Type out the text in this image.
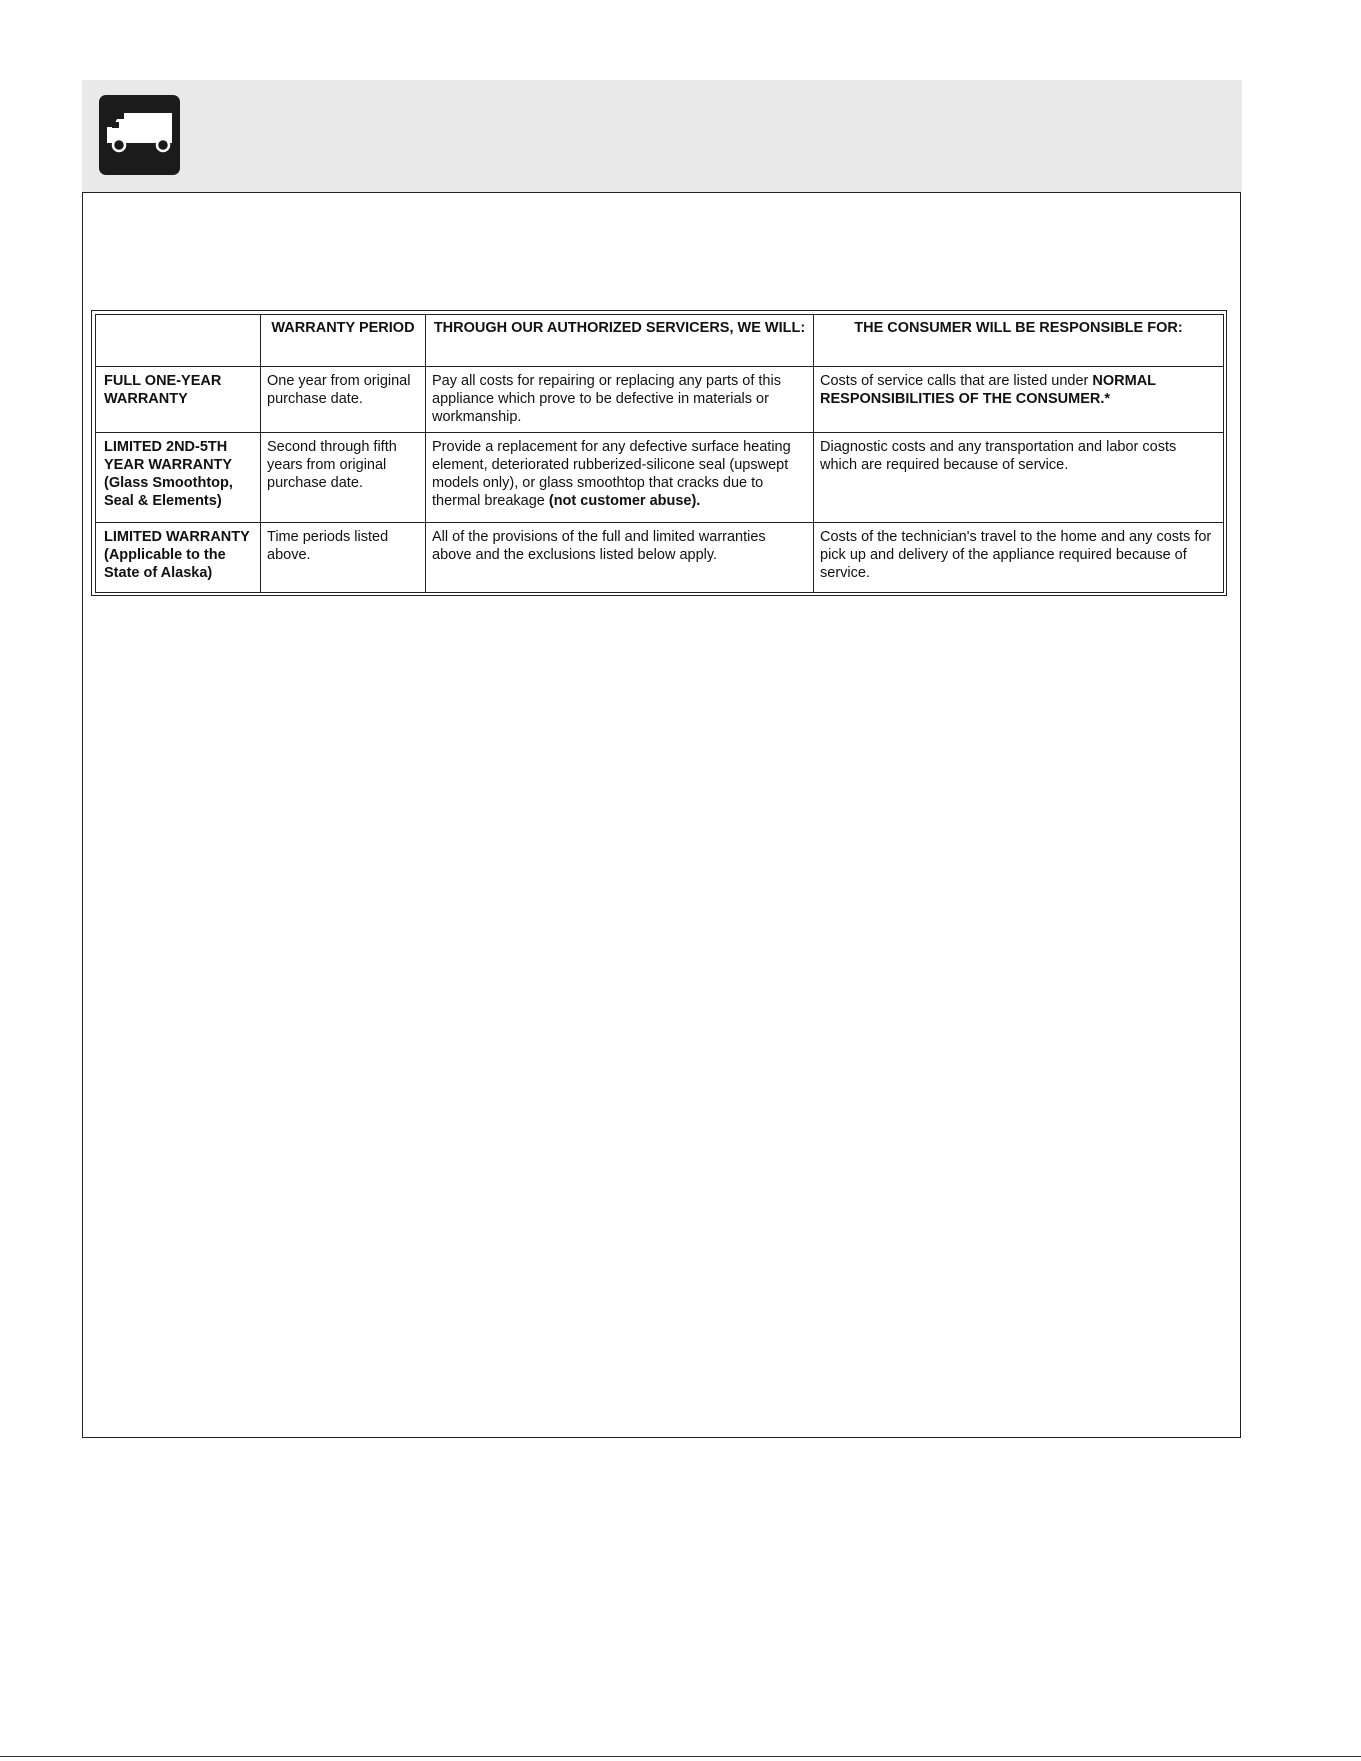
	WARRANTY PERIOD	THROUGH OUR AUTHORIZED SERVICERS, WE WILL:	THE CONSUMER WILL BE RESPONSIBLE FOR:
FULL ONE-YEAR WARRANTY	One year from original purchase date.	Pay all costs for repairing or replacing any parts of this appliance which prove to be defective in materials or workmanship.	Costs of service calls that are listed under NORMAL RESPONSIBILITIES OF THE CONSUMER.*
LIMITED 2ND-5TH YEAR WARRANTY (Glass Smoothtop, Seal & Elements)	Second through fifth years from original purchase date.	Provide a replacement for any defective surface heating element, deteriorated rubberized-silicone seal (upswept models only), or glass smoothtop that cracks due to thermal breakage (not customer abuse).	Diagnostic costs and any transportation and labor costs which are required because of service.
LIMITED WARRANTY (Applicable to the State of Alaska)	Time periods listed above.	All of the provisions of the full and limited warranties above and the exclusions listed below apply.	Costs of the technician's travel to the home and any costs for pick up and delivery of the appliance required because of service.
